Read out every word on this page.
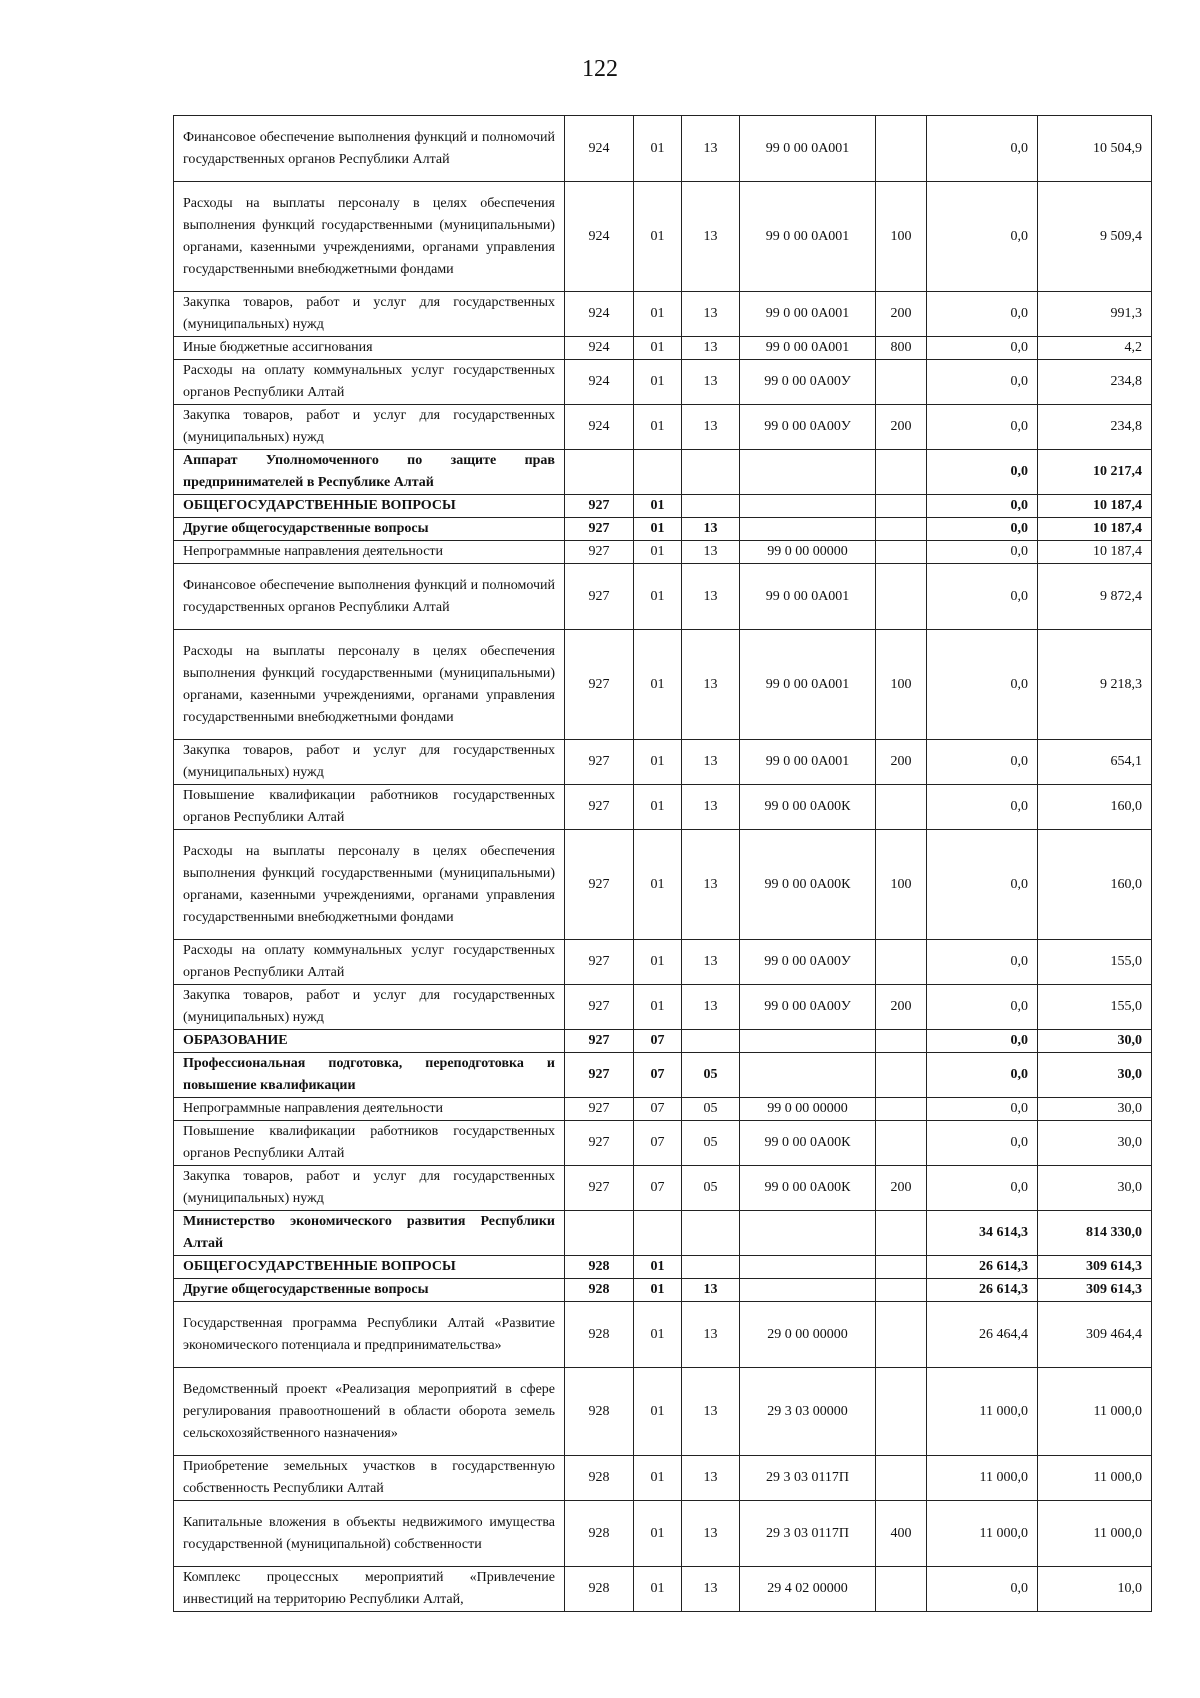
122
Финансовое обеспечение выполнения функций и полномочий государственных органов Республики Алтай	924	01	13	99 0 00 0А001		0,0	10 504,9
Расходы на выплаты персоналу в целях обеспечения выполнения функций государственными (муниципальными) органами, казенными учреждениями, органами управления государственными внебюджетными фондами	924	01	13	99 0 00 0А001	100	0,0	9 509,4
Закупка товаров, работ и услуг для государственных (муниципальных) нужд	924	01	13	99 0 00 0А001	200	0,0	991,3
Иные бюджетные ассигнования	924	01	13	99 0 00 0А001	800	0,0	4,2
Расходы на оплату коммунальных услуг государственных органов Республики Алтай	924	01	13	99 0 00 0А00У		0,0	234,8
Закупка товаров, работ и услуг для государственных (муниципальных) нужд	924	01	13	99 0 00 0А00У	200	0,0	234,8
Аппарат Уполномоченного по защите прав предпринимателей в Республике Алтай						0,0	10 217,4
ОБЩЕГОСУДАРСТВЕННЫЕ ВОПРОСЫ	927	01				0,0	10 187,4
Другие общегосударственные вопросы	927	01	13			0,0	10 187,4
Непрограммные направления деятельности	927	01	13	99 0 00 00000		0,0	10 187,4
Финансовое обеспечение выполнения функций и полномочий государственных органов Республики Алтай	927	01	13	99 0 00 0А001		0,0	9 872,4
Расходы на выплаты персоналу в целях обеспечения выполнения функций государственными (муниципальными) органами, казенными учреждениями, органами управления государственными внебюджетными фондами	927	01	13	99 0 00 0А001	100	0,0	9 218,3
Закупка товаров, работ и услуг для государственных (муниципальных) нужд	927	01	13	99 0 00 0А001	200	0,0	654,1
Повышение квалификации работников государственных органов Республики Алтай	927	01	13	99 0 00 0А00К		0,0	160,0
Расходы на выплаты персоналу в целях обеспечения выполнения функций государственными (муниципальными) органами, казенными учреждениями, органами управления государственными внебюджетными фондами	927	01	13	99 0 00 0А00К	100	0,0	160,0
Расходы на оплату коммунальных услуг государственных органов Республики Алтай	927	01	13	99 0 00 0А00У		0,0	155,0
Закупка товаров, работ и услуг для государственных (муниципальных) нужд	927	01	13	99 0 00 0А00У	200	0,0	155,0
ОБРАЗОВАНИЕ	927	07				0,0	30,0
Профессиональная подготовка, переподготовка и повышение квалификации	927	07	05			0,0	30,0
Непрограммные направления деятельности	927	07	05	99 0 00 00000		0,0	30,0
Повышение квалификации работников государственных органов Республики Алтай	927	07	05	99 0 00 0А00К		0,0	30,0
Закупка товаров, работ и услуг для государственных (муниципальных) нужд	927	07	05	99 0 00 0А00К	200	0,0	30,0
Министерство экономического развития Республики Алтай						34 614,3	814 330,0
ОБЩЕГОСУДАРСТВЕННЫЕ ВОПРОСЫ	928	01				26 614,3	309 614,3
Другие общегосударственные вопросы	928	01	13			26 614,3	309 614,3
Государственная программа Республики Алтай «Развитие экономического потенциала и предпринимательства»	928	01	13	29 0 00 00000		26 464,4	309 464,4
Ведомственный проект «Реализация мероприятий в сфере регулирования правоотношений в области оборота земель сельскохозяйственного назначения»	928	01	13	29 3 03 00000		11 000,0	11 000,0
Приобретение земельных участков в государственную собственность Республики Алтай	928	01	13	29 3 03 0117П		11 000,0	11 000,0
Капитальные вложения в объекты недвижимого имущества государственной (муниципальной) собственности	928	01	13	29 3 03 0117П	400	11 000,0	11 000,0
Комплекс процессных мероприятий «Привлечение инвестиций на территорию Республики Алтай,	928	01	13	29 4 02 00000		0,0	10,0
